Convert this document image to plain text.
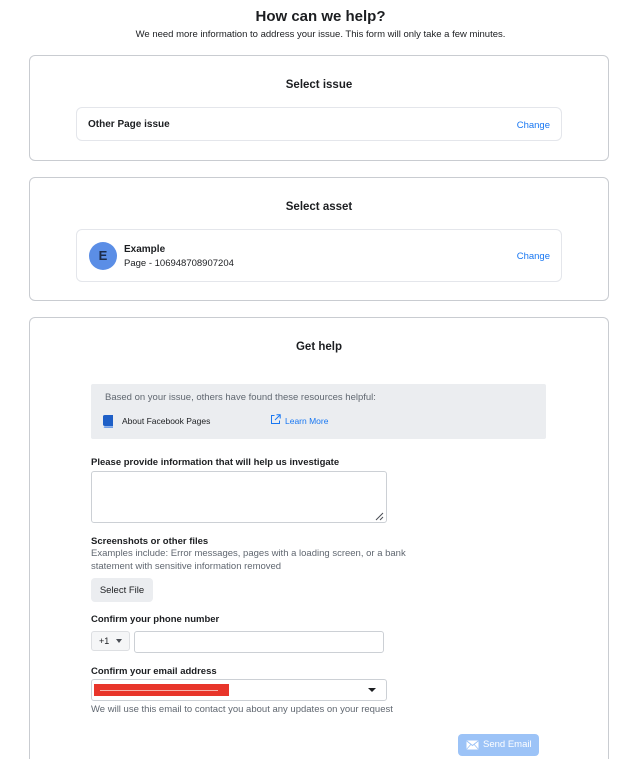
How can we help?
We need more information to address your issue. This form will only take a few minutes.
Select issue
Other Page issue	Change
Select asset
E	Example
Page - 106948708907204
Change
Get help
Based on your issue, others have found these resources helpful:
About Facebook Pages	Learn More
Please provide information that will help us investigate
Screenshots or other files
Examples include: Error messages, pages with a loading screen, or a bank statement with sensitive information removed
Select File
Confirm your phone number
+1
Confirm your email address
We will use this email to contact you about any updates on your request
Send Email
